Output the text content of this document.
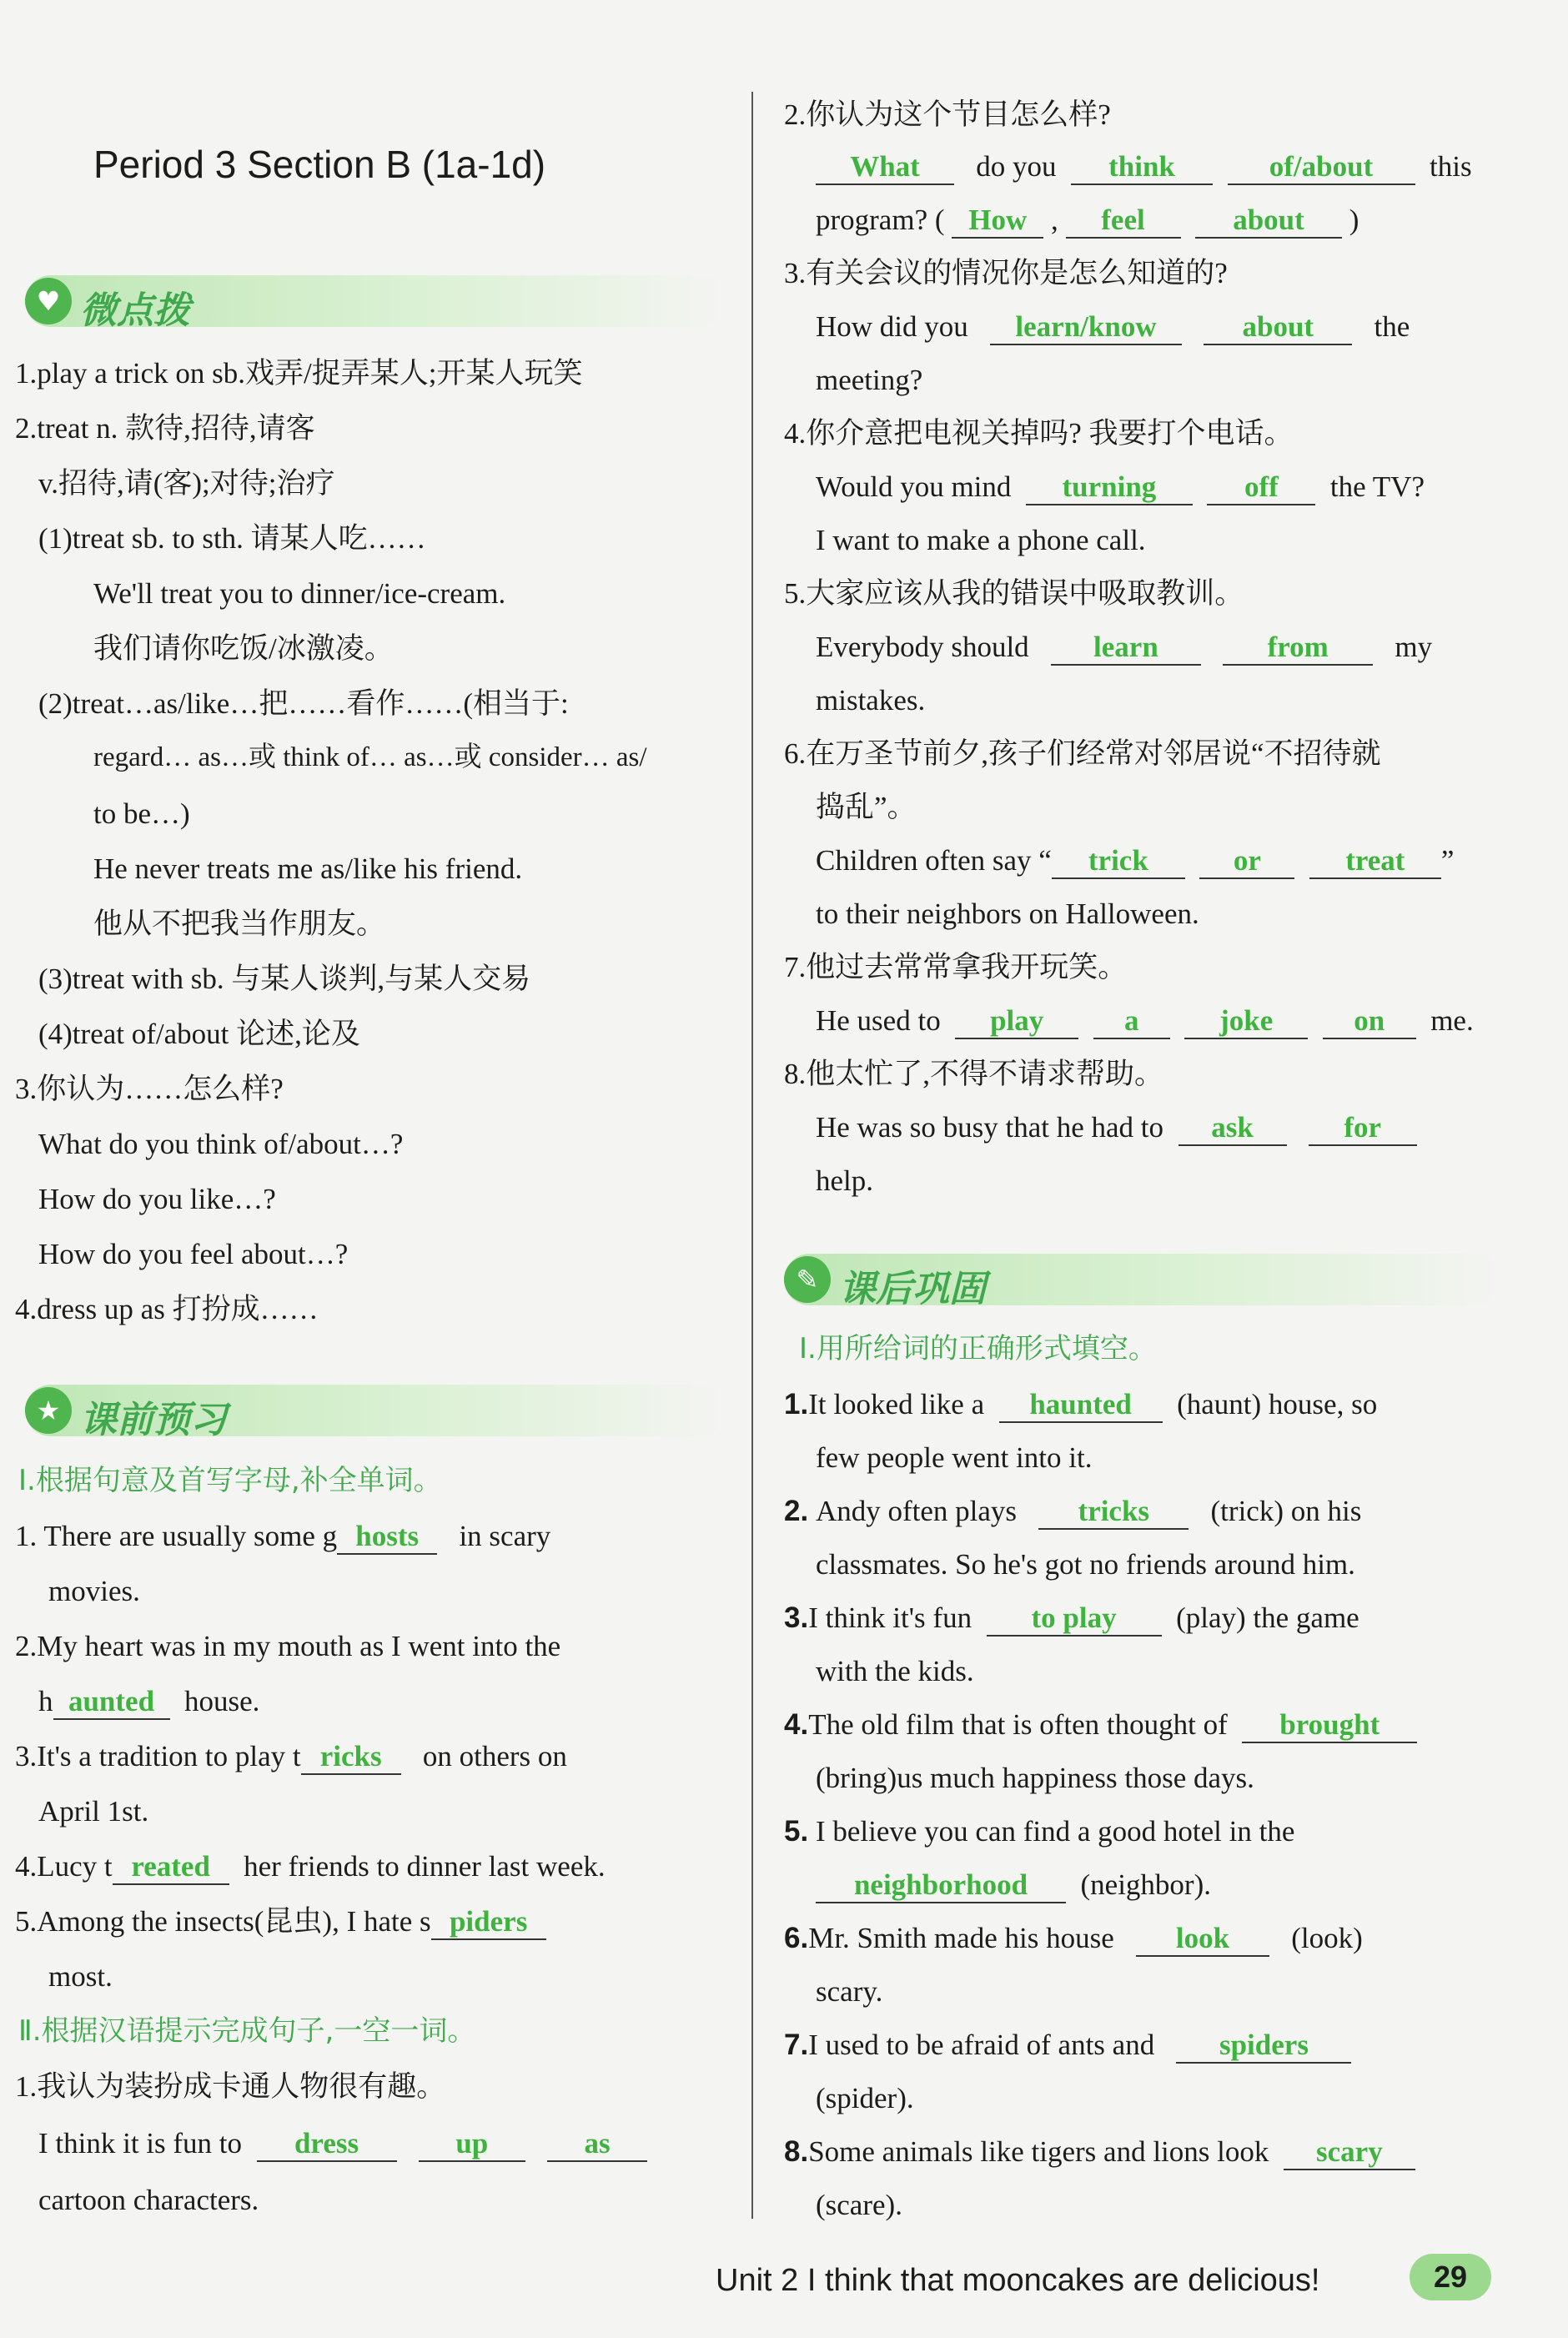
Period 3 Section B (1a-1d)
♥ 微点拨
1.play a trick on sb.戏弄/捉弄某人;开某人玩笑
2.treat n. 款待,招待,请客
v.招待,请(客);对待;治疗
(1)treat sb. to sth. 请某人吃……
We'll treat you to dinner/ice-cream.
我们请你吃饭/冰激凌。
(2)treat…as/like…把……看作……(相当于:
regard… as…或 think of… as…或 consider… as/
to be…)
He never treats me as/like his friend.
他从不把我当作朋友。
(3)treat with sb. 与某人谈判,与某人交易
(4)treat of/about 论述,论及
3.你认为……怎么样?
What do you think of/about…?
How do you like…?
How do you feel about…?
4.dress up as 打扮成……
★ 课前预习
Ⅰ.根据句意及首写字母,补全单词。
1. There are usually some g hosts in scary
movies.
2.My heart was in my mouth as I went into the
h aunted house.
3.It's a tradition to play t ricks on others on
April 1st.
4.Lucy t reated her friends to dinner last week.
5.Among the insects(昆虫), I hate s piders
most.
Ⅱ.根据汉语提示完成句子,一空一词。
1.我认为装扮成卡通人物很有趣。
I think it is fun to dress	up	as
cartoon characters.
2.你认为这个节目怎么样?
What do you think	of/about this
program? ( How , feel	about )
3.有关会议的情况你是怎么知道的?
How did you learn/know	about the
meeting?
4.你介意把电视关掉吗? 我要打个电话。
Would you mind turning	off the TV?
I want to make a phone call.
5.大家应该从我的错误中吸取教训。
Everybody should learn	from my
mistakes.
6.在万圣节前夕,孩子们经常对邻居说“不招待就
捣乱”。
Children often say “ trick	or	treat ”
to their neighbors on Halloween.
7.他过去常常拿我开玩笑。
He used to play	a	joke	on me.
8.他太忙了,不得不请求帮助。
He was so busy that he had to ask	for
help.
✎ 课后巩固
Ⅰ.用所给词的正确形式填空。
1.It looked like a haunted (haunt) house, so
few people went into it.
2. Andy often plays tricks (trick) on his
classmates. So he's got no friends around him.
3.I think it's fun to play (play) the game
with the kids.
4.The old film that is often thought of brought
(bring)us much happiness those days.
5. I believe you can find a good hotel in the
neighborhood (neighbor).
6.Mr. Smith made his house look (look)
scary.
7.I used to be afraid of ants and spiders
(spider).
8.Some animals like tigers and lions look scary
(scare).
Unit 2 I think that mooncakes are delicious!	29
